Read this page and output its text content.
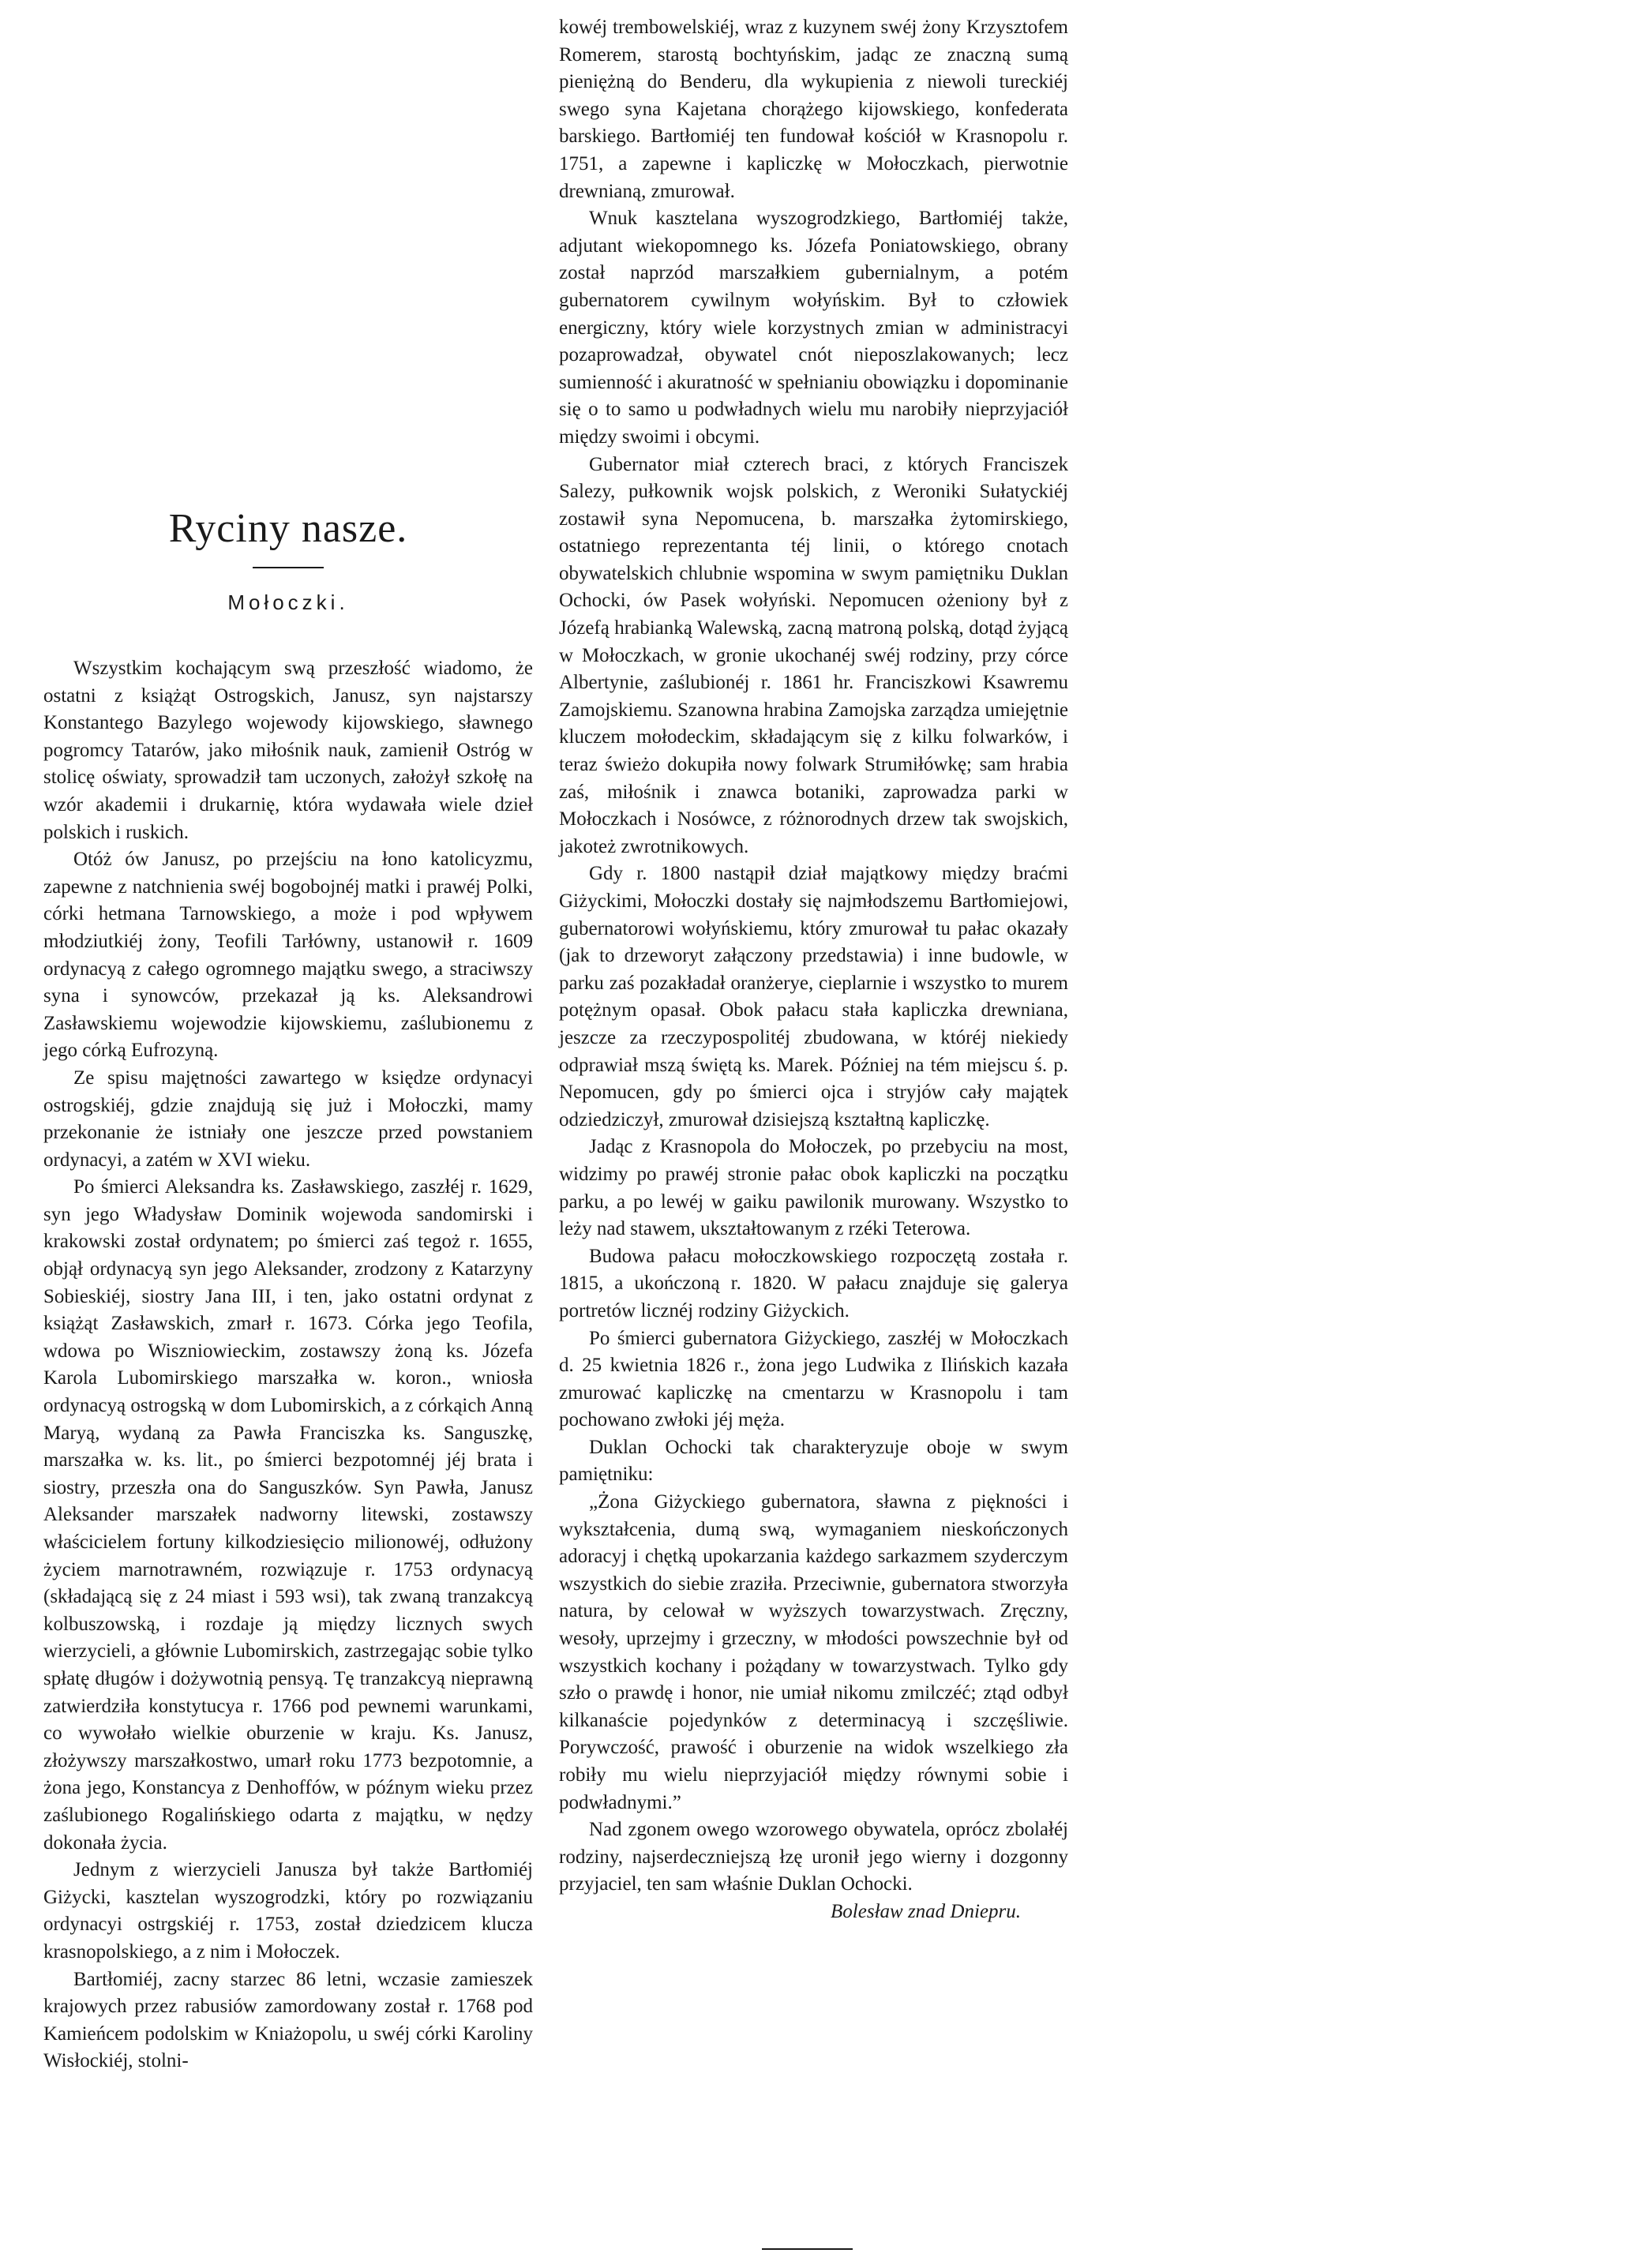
Ryciny nasze.
Mołoczki.

Wszystkim kochającym swą przeszłość wiadomo, że ostatni z książąt Ostrogskich, Janusz, syn najstarszy Konstantego Bazylego wojewody kijowskiego, sławnego pogromcy Tatarów, jako miłośnik nauk, zamienił Ostróg w stolicę oświaty, sprowadził tam uczonych, założył szkołę na wzór akademii i drukarnię, która wydawała wiele dzieł polskich i ruskich.

Otóż ów Janusz, po przejściu na łono katolicyzmu, zapewne z natchnienia swéj bogobojnéj matki i prawéj Polki, córki hetmana Tarnowskiego, a może i pod wpływem młodziutkiéj żony, Teofili Tarłówny, ustanowił r. 1609 ordynacyą z całego ogromnego majątku swego, a straciwszy syna i synowców, przekazał ją ks. Aleksandrowi Zasławskiemu wojewodzie kijowskiemu, zaślubionemu z jego córką Eufrozyną.

Ze spisu majętności zawartego w księdze ordynacyi ostrogskiéj, gdzie znajdują się już i Mołoczki, mamy przekonanie że istniały one jeszcze przed powstaniem ordynacyi, a zatém w XVI wieku.

Po śmierci Aleksandra ks. Zasławskiego, zaszłéj r. 1629, syn jego Władysław Dominik wojewoda sandomirski i krakowski został ordynatem; po śmierci zaś tegoż r. 1655, objął ordynacyą syn jego Aleksander, zrodzony z Katarzyny Sobieskiéj, siostry Jana III, i ten, jako ostatni ordynat z książąt Zasławskich, zmarł r. 1673. Córka jego Teofila, wdowa po Wiszniowieckim, zostawszy żoną ks. Józefa Karola Lubomirskiego marszałka w. koron., wniosła ordynacyą ostrogską w dom Lubomirskich, a z córkąich Anną Maryą, wydaną za Pawła Franciszka ks. Sanguszkę, marszałka w. ks. lit., po śmierci bezpotomnéj jéj brata i siostry, przeszła ona do Sanguszków. Syn Pawła, Janusz Aleksander marszałek nadworny litewski, zostawszy właścicielem fortuny kilkodziesięcio milionowéj, odłużony życiem marnotrawném, rozwiązuje r. 1753 ordynacyą (składającą się z 24 miast i 593 wsi), tak zwaną tranzakcyą kolbuszowską, i rozdaje ją między licznych swych wierzycieli, a głównie Lubomirskich, zastrzegając sobie tylko spłatę długów i dożywotnią pensyą. Tę tranzakcyą nieprawną zatwierdziła konstytucya r. 1766 pod pewnemi warunkami, co wywołało wielkie oburzenie w kraju. Ks. Janusz, złożywszy marszałkostwo, umarł roku 1773 bezpotomnie, a żona jego, Konstancya z Denhoffów, w późnym wieku przez zaślubionego Rogalińskiego odarta z majątku, w nędzy dokonała życia.

Jednym z wierzycieli Janusza był także Bartłomiéj Giżycki, kasztelan wyszogrodzki, który po rozwiązaniu ordynacyi ostrgskiéj r. 1753, został dziedzicem klucza krasnopolskiego, a z nim i Mołoczek.

Bartłomiéj, zacny starzec 86 letni, wczasie zamieszek krajowych przez rabusiów zamordowany został r. 1768 pod Kamieńcem podolskim w Kniażopolu, u swéj córki Karoliny Wisłockiéj, stolni-

kowéj trembowelskiéj, wraz z kuzynem swéj żony Krzysztofem Romerem, starostą bochtyńskim, jadąc ze znaczną sumą pieniężną do Benderu, dla wykupienia z niewoli tureckiéj swego syna Kajetana chorążego kijowskiego, konfederata barskiego. Bartłomiéj ten fundował kościół w Krasnopolu r. 1751, a zapewne i kapliczkę w Mołoczkach, pierwotnie drewnianą, zmurował.

Wnuk kasztelana wyszogrodzkiego, Bartłomiéj także, adjutant wiekopomnego ks. Józefa Poniatowskiego, obrany został naprzód marszałkiem gubernialnym, a potém gubernatorem cywilnym wołyńskim. Był to człowiek energiczny, który wiele korzystnych zmian w administracyi pozaprowadzał, obywatel cnót nieposzlakowanych; lecz sumienność i akuratność w spełnianiu obowiązku i dopominanie się o to samo u podwładnych wielu mu narobiły nieprzyjaciół między swoimi i obcymi.

Gubernator miał czterech braci, z których Franciszek Salezy, pułkownik wojsk polskich, z Weroniki Sułatyckiéj zostawił syna Nepomucena, b. marszałka żytomirskiego, ostatniego reprezentanta téj linii, o którego cnotach obywatelskich chlubnie wspomina w swym pamiętniku Duklan Ochocki, ów Pasek wołyński. Nepomucen ożeniony był z Józefą hrabianką Walewską, zacną matroną polską, dotąd żyjącą w Mołoczkach, w gronie ukochanéj swéj rodziny, przy córce Albertynie, zaślubionéj r. 1861 hr. Franciszkowi Ksawremu Zamojskiemu. Szanowna hrabina Zamojska zarządza umiejętnie kluczem mołodeckim, składającym się z kilku folwarków, i teraz świeżo dokupiła nowy folwark Strumiłówkę; sam hrabia zaś, miłośnik i znawca botaniki, zaprowadza parki w Mołoczkach i Nosówce, z różnorodnych drzew tak swojskich, jakoteż zwrotnikowych.

Gdy r. 1800 nastąpił dział majątkowy między braćmi Giżyckimi, Mołoczki dostały się najmłodszemu Bartłomiejowi, gubernatorowi wołyńskiemu, który zmurował tu pałac okazały (jak to drzeworyt załączony przedstawia) i inne budowle, w parku zaś pozakładał oranżerye, cieplarnie i wszystko to murem potężnym opasał. Obok pałacu stała kapliczka drewniana, jeszcze za rzeczypospolitéj zbudowana, w któréj niekiedy odprawiał mszą świętą ks. Marek. Później na tém miejscu ś. p. Nepomucen, gdy po śmierci ojca i stryjów cały majątek odziedziczył, zmurował dzisiejszą kształtną kapliczkę.

Jadąc z Krasnopola do Mołoczek, po przebyciu na most, widzimy po prawéj stronie pałac obok kapliczki na początku parku, a po lewéj w gaiku pawilonik murowany. Wszystko to leży nad stawem, ukształtowanym z rzéki Teterowa.

Budowa pałacu mołoczkowskiego rozpoczętą została r. 1815, a ukończoną r. 1820. W pałacu znajduje się galerya portretów licznéj rodziny Giżyckich.

Po śmierci gubernatora Giżyckiego, zaszłéj w Mołoczkach d. 25 kwietnia 1826 r., żona jego Ludwika z Ilińskich kazała zmurować kapliczkę na cmentarzu w Krasnopolu i tam pochowano zwłoki jéj męża.

Duklan Ochocki tak charakteryzuje oboje w swym pamiętniku:

„Żona Giżyckiego gubernatora, sławna z piękności i wykształcenia, dumą swą, wymaganiem nieskończonych adoracyj i chętką upokarzania każdego sarkazmem szyderczym wszystkich do siebie zraziła. Przeciwnie, gubernatora stworzyła natura, by celował w wyższych towarzystwach. Zręczny, wesoły, uprzejmy i grzeczny, w młodości powszechnie był od wszystkich kochany i pożądany w towarzystwach. Tylko gdy szło o prawdę i honor, nie umiał nikomu zmilczéć; ztąd odbył kilkanaście pojedynków z determinacyą i szczęśliwie. Porywczość, prawość i oburzenie na widok wszelkiego zła robiły mu wielu nieprzyjaciół między równymi sobie i podwładnymi.”

Nad zgonem owego wzorowego obywatela, oprócz zbolałéj rodziny, najserdeczniejszą łzę uronił jego wierny i dozgonny przyjaciel, ten sam właśnie Duklan Ochocki.

Bolesław znad Dniepru.
